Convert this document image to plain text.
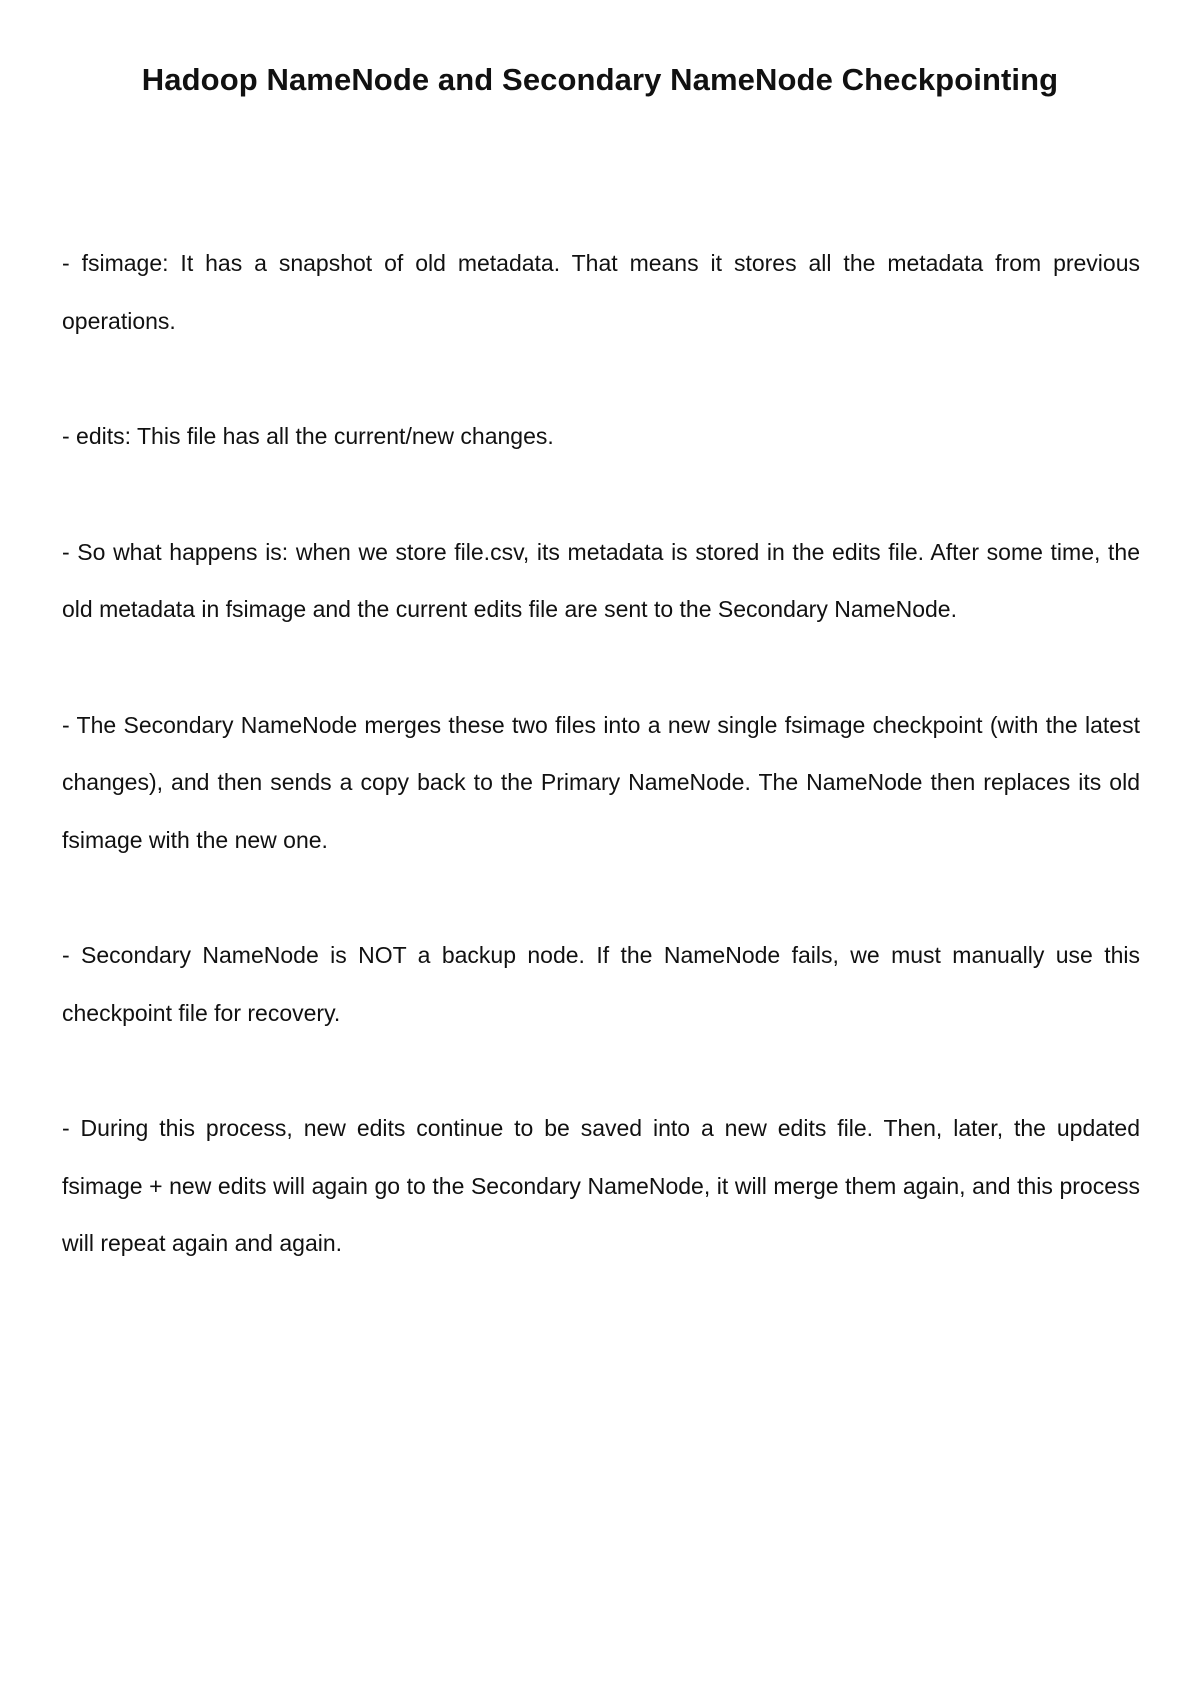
Hadoop NameNode and Secondary NameNode Checkpointing

- fsimage: It has a snapshot of old metadata. That means it stores all the metadata from previous operations.

- edits: This file has all the current/new changes.

- So what happens is: when we store file.csv, its metadata is stored in the edits file. After some time, the old metadata in fsimage and the current edits file are sent to the Secondary NameNode.

- The Secondary NameNode merges these two files into a new single fsimage checkpoint (with the latest changes), and then sends a copy back to the Primary NameNode. The NameNode then replaces its old fsimage with the new one.

- Secondary NameNode is NOT a backup node. If the NameNode fails, we must manually use this checkpoint file for recovery.

- During this process, new edits continue to be saved into a new edits file. Then, later, the updated fsimage + new edits will again go to the Secondary NameNode, it will merge them again, and this process will repeat again and again.
